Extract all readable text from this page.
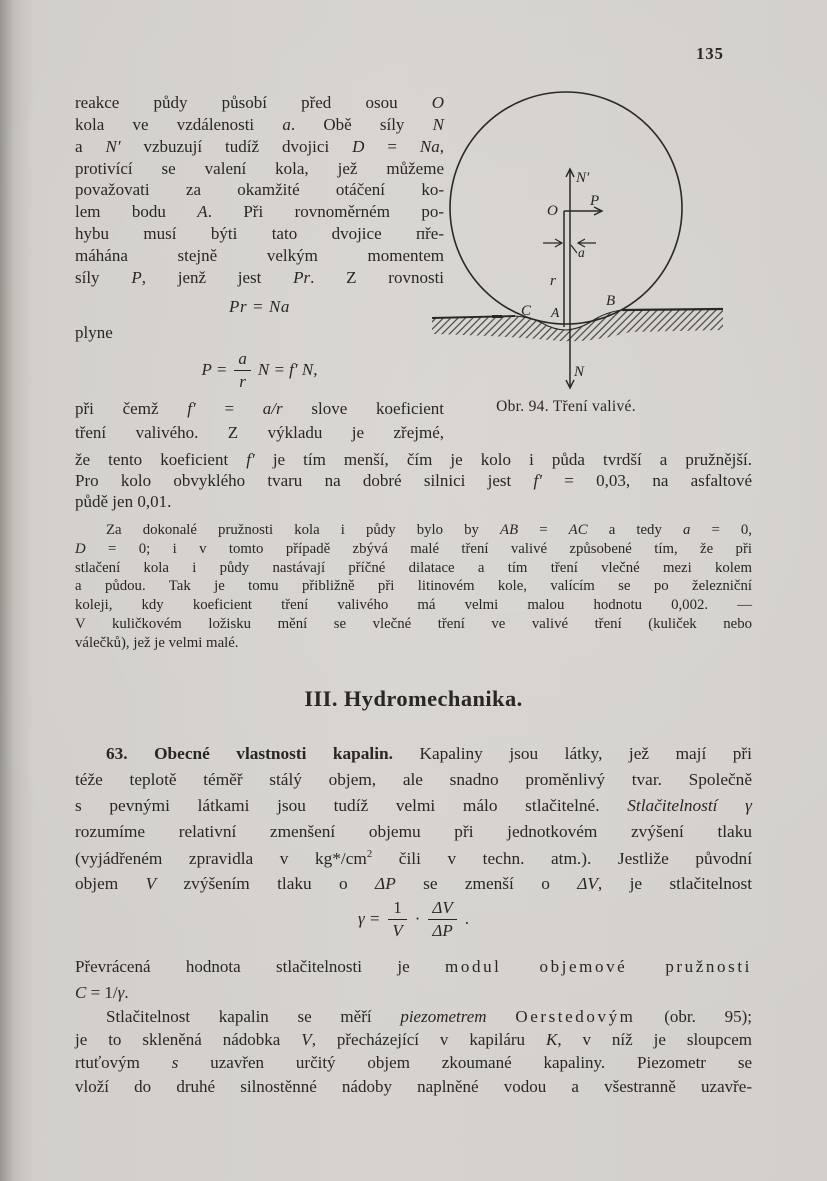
135
reakce půdy působí před osou O
kola ve vzdálenosti a. Obě síly N
a N′ vzbuzují tudíž dvojici D = Na,
protivící se valení kola, jež můžeme
považovati za okamžité otáčení ko-
lem bodu A. Při rovnoměrném po-
hybu musí býti tato dvojice пře-
máhána stejně velkým momentem
síly P, jenž jest Pr. Z rovnosti
Pr = Na
plyne
$P = \frac{a}{r}$ N = f′ N,
při čemž f′ = a/r slove koeficient
tření valivého. Z výkladu je zřejmé,
že tento koeficient f′ je tím menší, čím je kolo i půda tvrdší a pružnější.
Pro kolo obvyklého tvaru na dobré silnici jest f′ = 0,03, na asfaltové
půdě jen 0,01.
Za dokonalé pružnosti kola i půdy bylo by AB = AC a tedy a = 0,
D = 0; i v tomto případě zbývá malé tření valivé způsobené tím, že při
stlačení kola i půdy nastávají příčné dilatace a tím tření vlečné mezi kolem
a půdou. Tak je tomu přibližně při litinovém kole, valícím se po železniční
koleji, kdy koeficient tření valivého má velmi malou hodnotu 0,002. —
V kuličkovém ložisku mění se vlečné tření ve valivé tření (kuliček nebo
válečků), jež je velmi malé.
III. Hydromechanika.
63. Obecné vlastnosti kapalin. Kapaliny jsou látky, jež mají při
téže teplotě téměř stálý objem, ale snadno proměnlivý tvar. Společně
s pevnými látkami jsou tudíž velmi málo stlačitelné. Stlačitelností γ
rozumíme relativní zmenšení objemu při jednotkovém zvýšení tlaku
(vyjádřeném zpravidla v $kg*/cm^2$ čili v techn. atm.). Jestliže původní
objem V zvýšením tlaku o ΔP se zmenší o ΔV, je stlačitelnost
$\gamma = \frac{1}{V} \cdot \frac{\Delta V}{\Delta P}$ .
Převrácená hodnota stlačitelnosti je modul objemové pružnosti
C = 1/γ.
Stlačitelnost kapalin se měří piezometrem Oerstedovým (obr. 95);
je to skleněná nádobka V, přecházející v kapiláru K, v níž je sloupcem
rtuťovým s uzavřen určitý objem zkoumané kapaliny. Piezometr se
vloží do druhé silnostěnné nádoby naplněné vodou a všestranně uzavře-
N′
O
P
a
r
C A
B
N
Obr. 94. Tření valivé.
